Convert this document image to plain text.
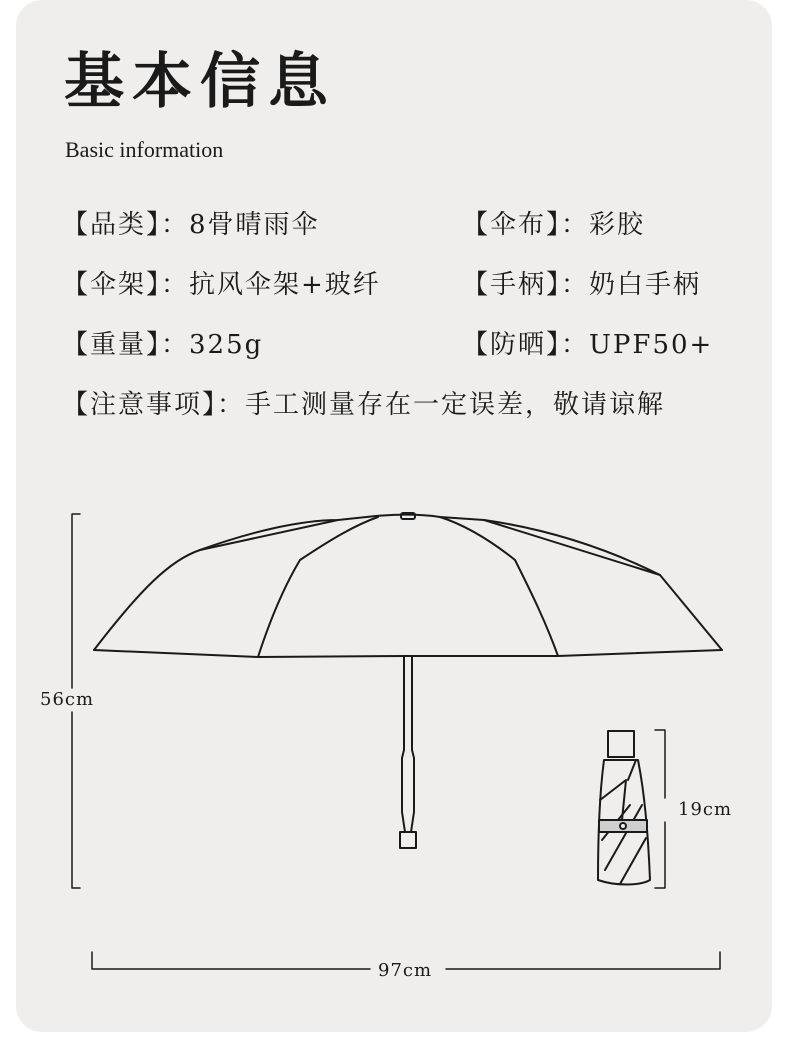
基本信息
Basic information
【品类】：8骨晴雨伞	【伞布】：彩胶
【伞架】：抗风伞架+玻纤	【手柄】：奶白手柄
【重量】：325g	【防晒】：UPF50+
【注意事项】：手工测量存在一定误差，敬请谅解
56cm
19cm
97cm
